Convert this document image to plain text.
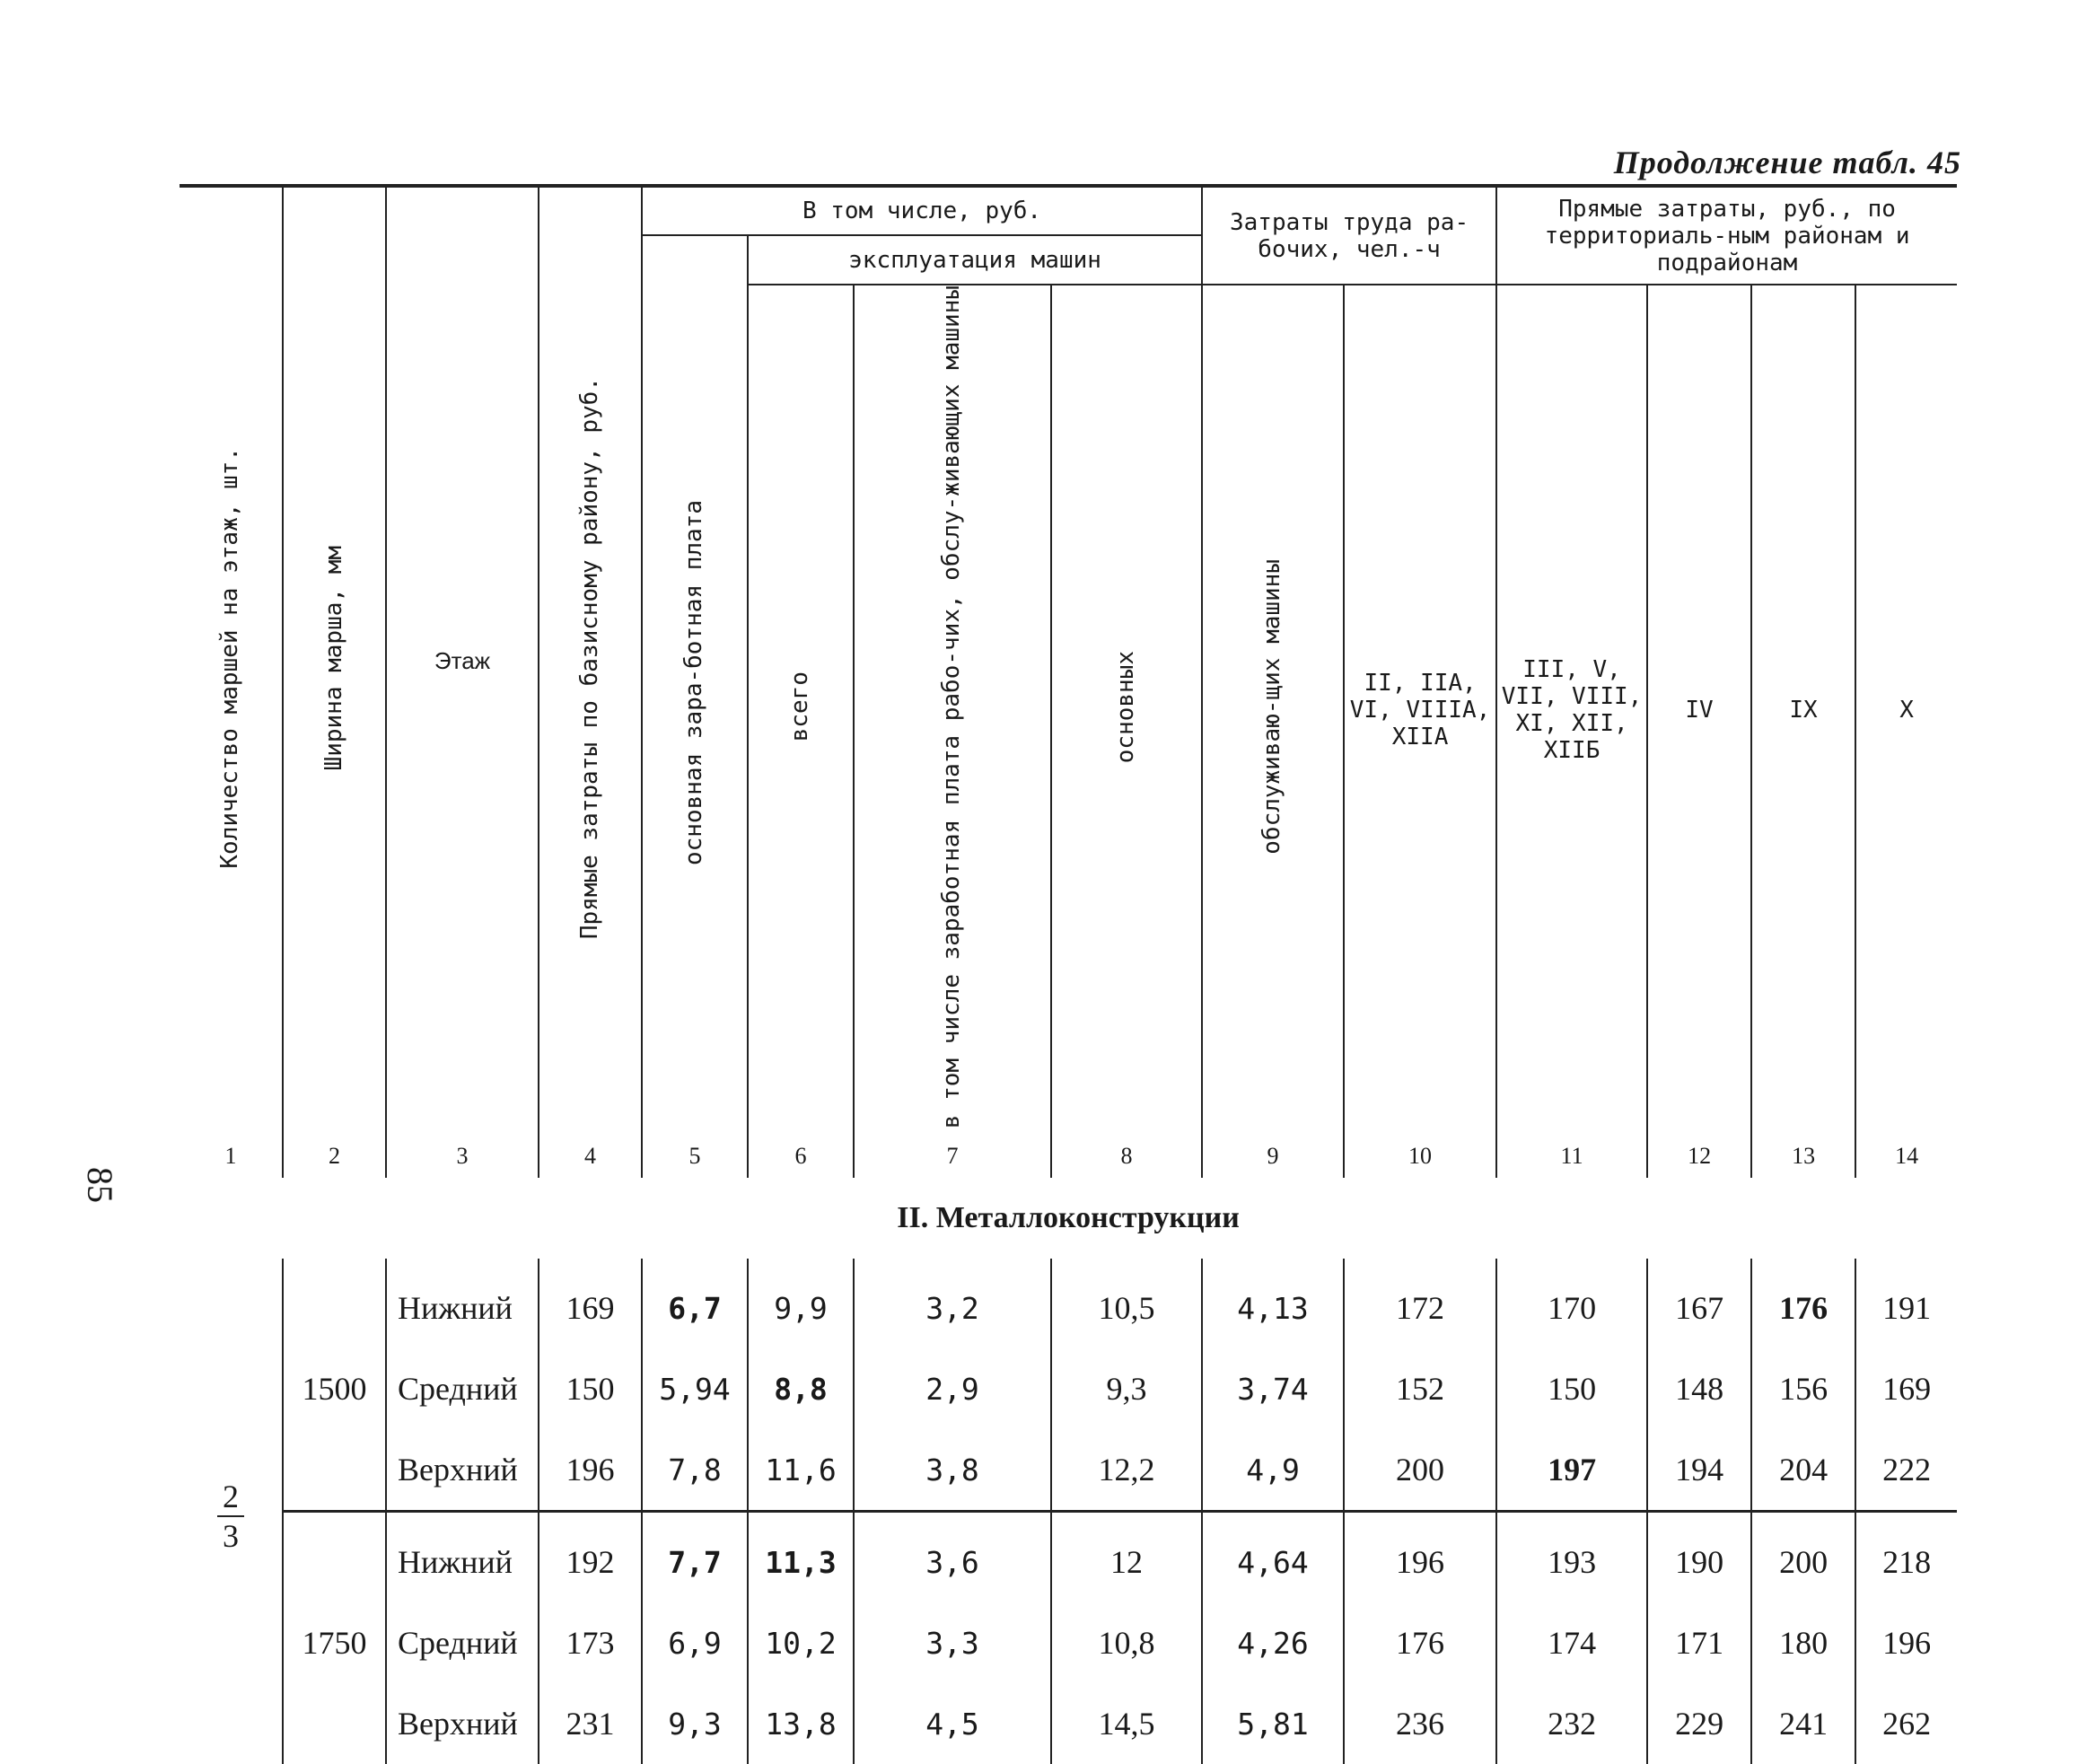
Продолжение табл. 45
85
Количество маршей на этаж, шт.	Ширина марша, мм	Этаж	Прямые затраты по базисному району, руб.	В том числе, руб.				Затраты труда ра-бочих, чел.-ч		Прямые затраты, руб., по территориаль-ным районам и подрайонам			
				основная зара-ботная плата	эксплуатация машин								
					всего	в том числе заработная плата рабо-чих, обслу-живающих машины	основных	обслуживаю-щих машины	II, IIA, VI, VIIIA, XIIA	III, V, VII, VIII, XI, XII, XIIБ	IV	IX	X
1	2	3	4	5	6	7	8	9	10	11	12	13	14
II. Металлоконструкции													

$\frac{2}{3}$	1500	Нижний	169	6,7	9,9	3,2	10,5	4,13	172	170	167	176	191
		Средний	150	5,94	8,8	2,9	9,3	3,74	152	150	148	156	169
		Верхний	196	7,8	11,6	3,8	12,2	4,9	200	197	194	204	222
	1750	Нижний	192	7,7	11,3	3,6	12	4,64	196	193	190	200	218
		Средний	173	6,9	10,2	3,3	10,8	4,26	176	174	171	180	196
		Верхний	231	9,3	13,8	4,5	14,5	5,81	236	232	229	241	262
